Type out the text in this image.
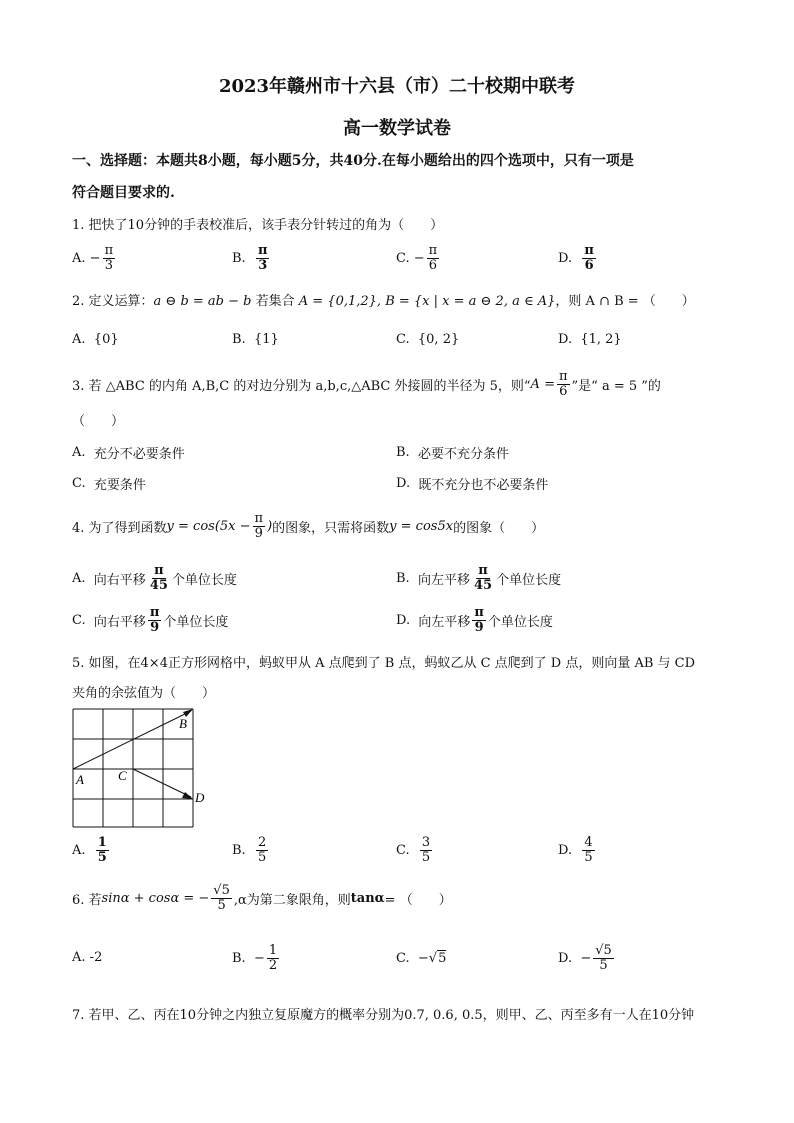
2023年赣州市十六县（市）二十校期中联考
高一数学试卷
一、选择题：本题共8小题，每小题5分，共40分.在每小题给出的四个选项中，只有一项是
符合题目要求的.
1. 把快了10分钟的手表校准后，该手表分针转过的角为（　　）
A.
− $\frac{\pi}{3}$	B.
$\frac{\pi}{3}$	C.
− $\frac{\pi}{6}$	D.
$\frac{\pi}{6}$
2. 定义运算：a ⊖ b = ab − b 若集合 A = {0,1,2}, B = {x | x = a ⊖ 2, a ∈ A}，则 A ∩ B = （　　）
A.
{0}	B.
{1}	C.
{0, 2}	D.
{1, 2}
3. 若 △ABC 的内角 A,B,C 的对边分别为 a,b,c,△ABC 外接圆的半径为 5，则“ $A = \frac{\pi}{6}$ ”是“ a = 5 ”的
（　　）
A.
充分不必要条件	B.
必要不充分条件
C.
充要条件	D.
既不充分也不必要条件
4. 为了得到函数 $y = \cos(5x - \frac{\pi}{9}$ ) 的图象，只需将函数 y = cos5x 的图象（　　）
A.
向右平移 $\frac{\pi}{45}$ 个单位长度	B.
向左平移 $\frac{\pi}{45}$ 个单位长度
C.
向右平移 $\frac{\pi}{9}$ 个单位长度	D.
向左平移 $\frac{\pi}{9}$ 个单位长度
5. 如图，在4×4正方形网格中，蚂蚁甲从 A 点爬到了 B 点，蚂蚁乙从 C 点爬到了 D 点，则向量 AB 与 CD
夹角的余弦值为（　　）
B
A	C
D
A.
$\frac{1}{5}$	B.
$\frac{2}{5}$	C.
$\frac{3}{5}$	D.
$\frac{4}{5}$
6. 若 sinα + cosα = − $\frac{√5}{5} ,\alpha$为第二象限角，则 tanα = （　　）
A.
-2	B.
− $\frac{1}{2}$	C.
− √ 5	D.
− $\frac{√5}{5}$
7. 若甲、乙、丙在10分钟之内独立复原魔方的概率分别为0.7, 0.6, 0.5，则甲、乙、丙至多有一人在10分钟
